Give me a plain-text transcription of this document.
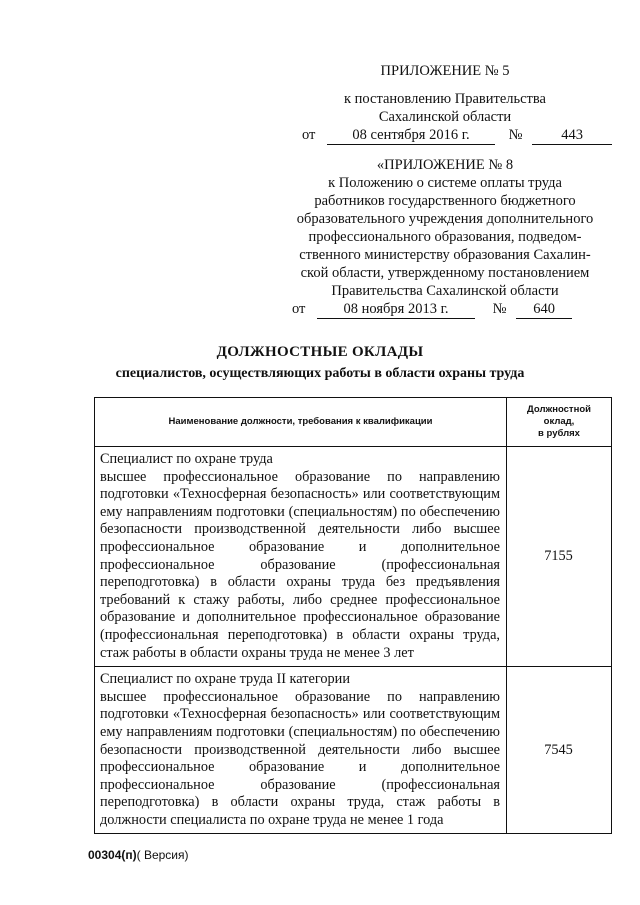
ПРИЛОЖЕНИЕ № 5
к постановлению Правительства
Сахалинской области
от	08 сентября 2016 г.	№	443
«ПРИЛОЖЕНИЕ № 8
к Положению о системе оплаты труда
работников государственного бюджетного
образовательного учреждения дополнительного
профессионального образования, подведом-
ственного министерству образования Сахалин-
ской области, утвержденному постановлением
Правительства Сахалинской области
от	08 ноября 2013 г.	№ 640
ДОЛЖНОСТНЫЕ ОКЛАДЫ
специалистов, осуществляющих работы в области охраны труда
Наименование должности, требования к квалификации	Должностной оклад,
в рублях

Специалист по охране труда
высшее профессиональное образование по направлению подготовки «Техносферная безопасность» или соответствующим ему направлениям подготовки (специальностям) по обеспечению безопасности производственной деятельности либо высшее профессиональное образование и дополнительное профессиональное образование (профессиональная переподготовка) в области охраны труда без предъявления требований к стажу работы, либо среднее профессиональное образование и дополнительное профессиональное образование (профессиональная переподготовка) в области охраны труда, стаж работы в области охраны труда не менее 3 лет	7155

Специалист по охране труда II категории
высшее профессиональное образование по направлению подготовки «Техносферная безопасность» или соответствующим ему направлениям подготовки (специальностям) по обеспечению безопасности производственной деятельности либо высшее профессиональное образование и дополнительное профессиональное образование (профессиональная переподготовка) в области охраны труда, стаж работы в должности специалиста по охране труда не менее 1 года	7545
00304(п)( Версия)
